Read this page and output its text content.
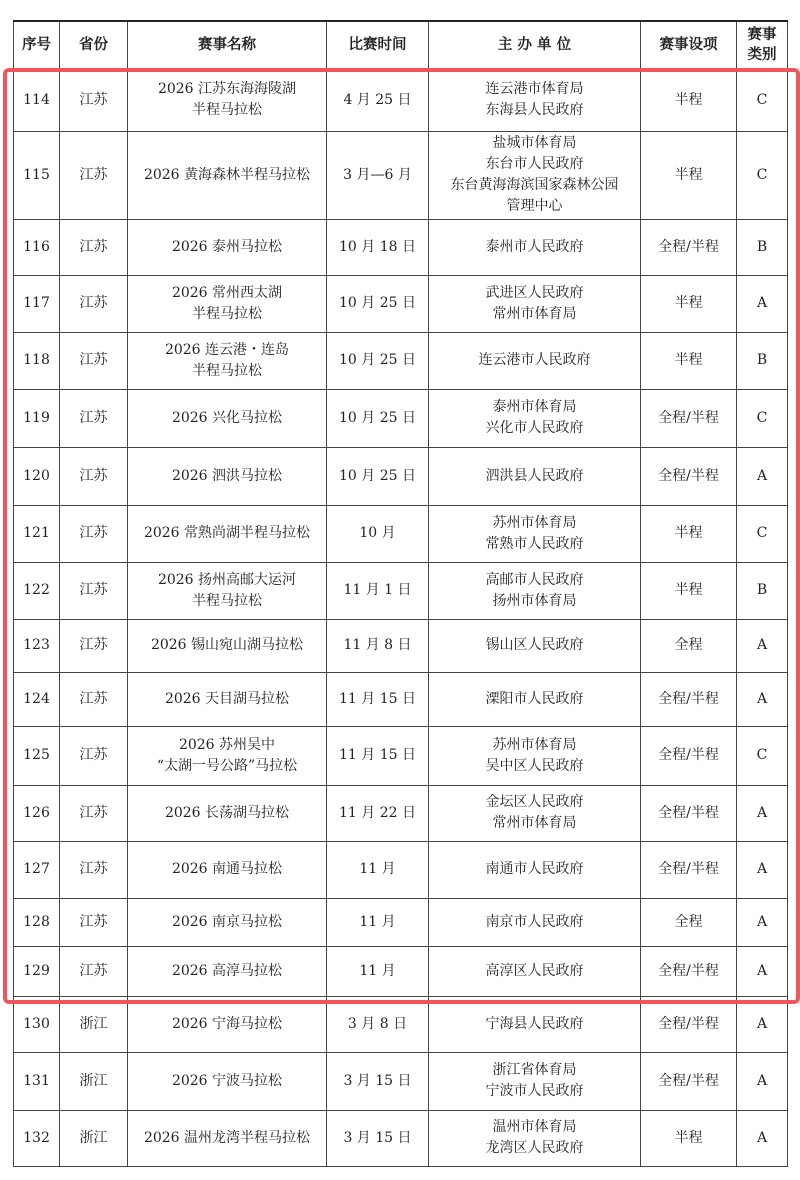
序号	省份	赛事名称	比赛时间	主 办 单 位	赛事设项	赛事
类别
114	江苏	2026 江苏东海海陵湖
半程马拉松	4 月 25 日	连云港市体育局
东海县人民政府	半程	C
115	江苏	2026 黄海森林半程马拉松	3 月—6 月	盐城市体育局
东台市人民政府
东台黄海海滨国家森林公园
管理中心	半程	C
116	江苏	2026 泰州马拉松	10 月 18 日	泰州市人民政府	全程/半程	B
117	江苏	2026 常州西太湖
半程马拉松	10 月 25 日	武进区人民政府
常州市体育局	半程	A
118	江苏	2026 连云港・连岛
半程马拉松	10 月 25 日	连云港市人民政府	半程	B
119	江苏	2026 兴化马拉松	10 月 25 日	泰州市体育局
兴化市人民政府	全程/半程	C
120	江苏	2026 泗洪马拉松	10 月 25 日	泗洪县人民政府	全程/半程	A
121	江苏	2026 常熟尚湖半程马拉松	10 月	苏州市体育局
常熟市人民政府	半程	C
122	江苏	2026 扬州高邮大运河
半程马拉松	11 月 1 日	高邮市人民政府
扬州市体育局	半程	B
123	江苏	2026 锡山宛山湖马拉松	11 月 8 日	锡山区人民政府	全程	A
124	江苏	2026 天目湖马拉松	11 月 15 日	溧阳市人民政府	全程/半程	A
125	江苏	2026 苏州吴中
“太湖一号公路”马拉松	11 月 15 日	苏州市体育局
吴中区人民政府	全程/半程	C
126	江苏	2026 长荡湖马拉松	11 月 22 日	金坛区人民政府
常州市体育局	全程/半程	A
127	江苏	2026 南通马拉松	11 月	南通市人民政府	全程/半程	A
128	江苏	2026 南京马拉松	11 月	南京市人民政府	全程	A
129	江苏	2026 高淳马拉松	11 月	高淳区人民政府	全程/半程	A
130	浙江	2026 宁海马拉松	3 月 8 日	宁海县人民政府	全程/半程	A
131	浙江	2026 宁波马拉松	3 月 15 日	浙江省体育局
宁波市人民政府	全程/半程	A
132	浙江	2026 温州龙湾半程马拉松	3 月 15 日	温州市体育局
龙湾区人民政府	半程	A
